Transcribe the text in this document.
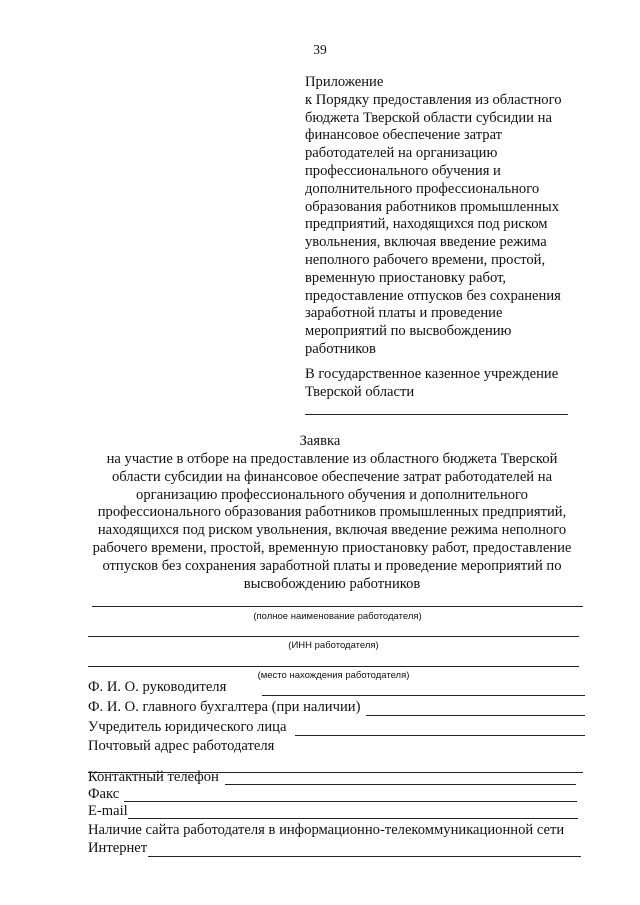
39
Приложение
к Порядку предоставления из областного
бюджета Тверской области субсидии на
финансовое обеспечение затрат
работодателей на организацию
профессионального обучения и
дополнительного профессионального
образования работников промышленных
предприятий, находящихся под риском
увольнения, включая введение режима
неполного рабочего времени, простой,
временную приостановку работ,
предоставление отпусков без сохранения
заработной платы и проведение
мероприятий по высвобождению
работников
В государственное казенное учреждение
Тверской области
Заявка
на участие в отборе на предоставление из областного бюджета Тверской
области субсидии на финансовое обеспечение затрат работодателей на
организацию профессионального обучения и дополнительного
профессионального образования работников промышленных предприятий,
находящихся под риском увольнения, включая введение режима неполного
рабочего времени, простой, временную приостановку работ, предоставление
отпусков без сохранения заработной платы и проведение мероприятий по
высвобождению работников
(полное наименование работодателя)
(ИНН работодателя)
(место нахождения работодателя)
Ф. И. О. руководителя
Ф. И. О. главного бухгалтера (при наличии)
Учредитель юридического лица
Почтовый адрес работодателя
Контактный телефон
Факс
E-mail
Наличие сайта работодателя в информационно-телекоммуникационной сети
Интернет
